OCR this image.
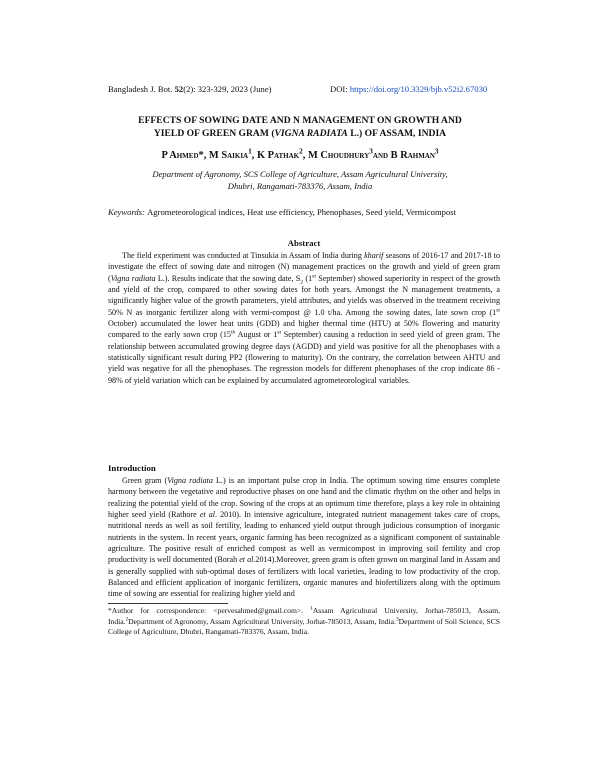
Bangladesh J. Bot. 52(2): 323-329, 2023 (June)	DOI: https://doi.org/10.3329/bjb.v52i2.67030
EFFECTS OF SOWING DATE AND N MANAGEMENT ON GROWTH AND
YIELD OF GREEN GRAM (VIGNA RADIATA L.) OF ASSAM, INDIA
P Ahmed*, M Saikia$^1$, K Pathak$^2$, M Choudhury$^3$and B Rahman$^3$
Department of Agronomy, SCS College of Agriculture, Assam Agricultural University,
Dhubri, Rangamati-783376, Assam, India
Keywords: Agrometeorological indices, Heat use efficiency, Phenophases, Seed yield, Vermicompost
Abstract
The field experiment was conducted at Tinsukia in Assam of India during kharif seasons of 2016-17 and 2017-18 to investigate the effect of sowing date and nitrogen (N) management practices on the growth and yield of green gram (Vigna radiata L.). Results indicate that the sowing date, $S_2$ (1st September) showed superiority in respect of the growth and yield of the crop, compared to other sowing dates for both years. Amongst the N management treatments, a significantly higher value of the growth parameters, yield attributes, and yields was observed in the treatment receiving 50% N as inorganic fertilizer along with vermi-compost @ 1.0 t/ha. Among the sowing dates, late sown crop (1st October) accumulated the lower heat units (GDD) and higher thermal time (HTU) at 50% flowering and maturity compared to the early sown crop (15th August or 1st September) causing a reduction in seed yield of green gram. The relationship between accumulated growing degree days (AGDD) and yield was positive for all the phenophases with a statistically significant result during PP2 (flowering to maturity). On the contrary, the correlation between AHTU and yield was negative for all the phenophases. The regression models for different phenophases of the crop indicate 86 - 98% of yield variation which can be explained by accumulated agrometeorological variables.
Introduction
Green gram (Vigna radiata L.) is an important pulse crop in India. The optimum sowing time ensures complete harmony between the vegetative and reproductive phases on one hand and the climatic rhythm on the other and helps in realizing the potential yield of the crop. Sowing of the crops at an optimum time therefore, plays a key role in obtaining higher seed yield (Rathore et al. 2010). In intensive agriculture, integrated nutrient management takes care of crops, nutritional needs as well as soil fertility, leading to enhanced yield output through judicious consumption of inorganic nutrients in the system. In recent years, organic farming has been recognized as a significant component of sustainable agriculture. The positive result of enriched compost as well as vermicompost in improving soil fertility and crop productivity is well documented (Borah et al.2014).Moreover, green gram is often grown on marginal land in Assam and is generally supplied with sub-optimal doses of fertilizers with local varieties, leading to low productivity of the crop. Balanced and efficient application of inorganic fertilizers, organic manures and biofertilizers along with the optimum time of sowing are essential for realizing higher yield and
*Author for correspondence: <pervesahmed@gmail.com>. $^1$Assam Agricultural University, Jorhat-785013, Assam, India.$^2$Department of Agronomy, Assam Agricultural University, Jorhat-785013, Assam, India.$^3$Department of Soil Science, SCS College of Agriculture, Dhubri, Rangamati-783376, Assam, India.
